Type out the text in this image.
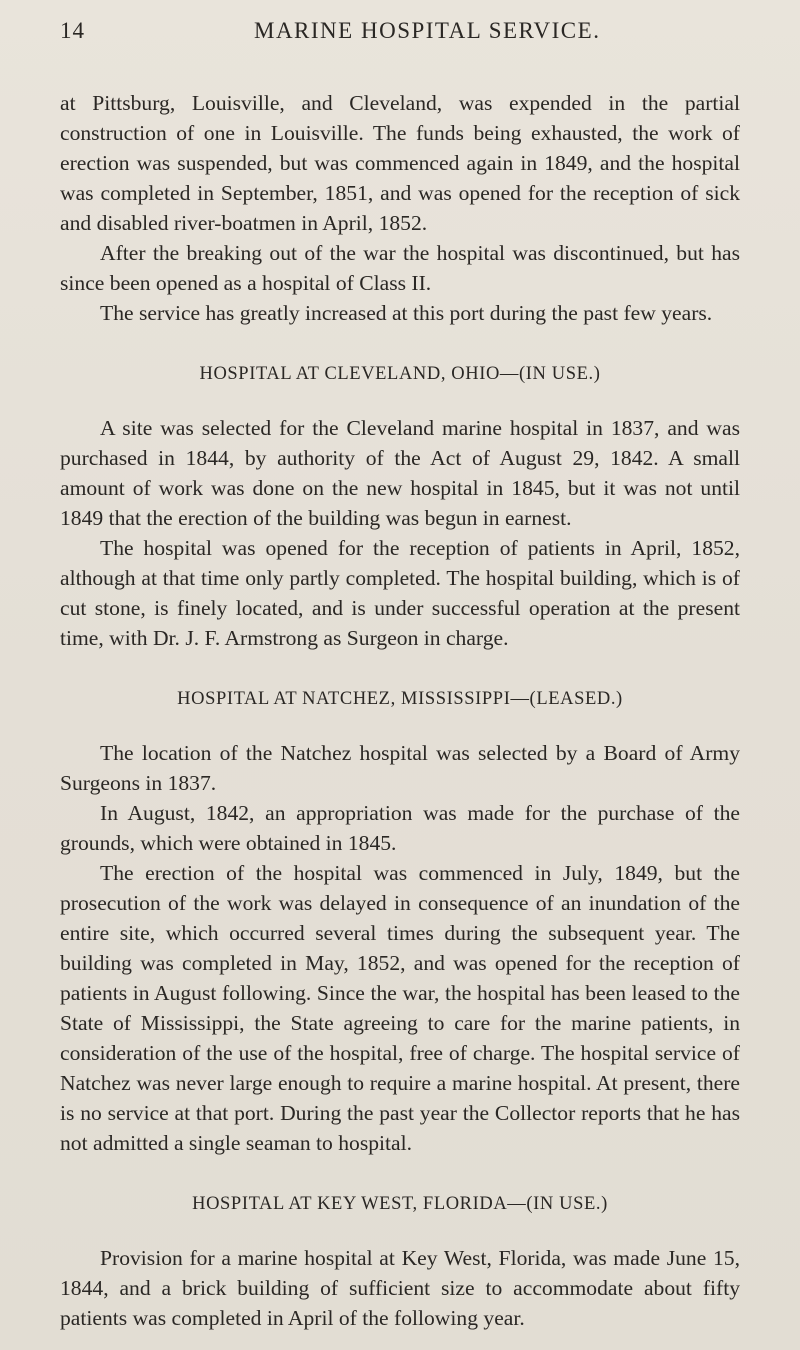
14	MARINE HOSPITAL SERVICE.

at Pittsburg, Louisville, and Cleveland, was expended in the partial construction of one in Louisville. The funds being exhausted, the work of erection was suspended, but was commenced again in 1849, and the hospital was completed in September, 1851, and was opened for the reception of sick and disabled river-boatmen in April, 1852.

After the breaking out of the war the hospital was discontinued, but has since been opened as a hospital of Class II.

The service has greatly increased at this port during the past few years.

HOSPITAL AT CLEVELAND, OHIO—(IN USE.)

A site was selected for the Cleveland marine hospital in 1837, and was purchased in 1844, by authority of the Act of August 29, 1842. A small amount of work was done on the new hospital in 1845, but it was not until 1849 that the erection of the building was begun in earnest.

The hospital was opened for the reception of patients in April, 1852, although at that time only partly completed. The hospital building, which is of cut stone, is finely located, and is under successful operation at the present time, with Dr. J. F. Armstrong as Surgeon in charge.

HOSPITAL AT NATCHEZ, MISSISSIPPI—(LEASED.)

The location of the Natchez hospital was selected by a Board of Army Surgeons in 1837.

In August, 1842, an appropriation was made for the purchase of the grounds, which were obtained in 1845.

The erection of the hospital was commenced in July, 1849, but the prosecution of the work was delayed in consequence of an inundation of the entire site, which occurred several times during the subsequent year. The building was completed in May, 1852, and was opened for the reception of patients in August following. Since the war, the hospital has been leased to the State of Mississippi, the State agreeing to care for the marine patients, in consideration of the use of the hospital, free of charge. The hospital service of Natchez was never large enough to require a marine hospital. At present, there is no service at that port. During the past year the Collector reports that he has not admitted a single seaman to hospital.

HOSPITAL AT KEY WEST, FLORIDA—(IN USE.)

Provision for a marine hospital at Key West, Florida, was made June 15, 1844, and a brick building of sufficient size to accommodate about fifty patients was completed in April of the following year.
